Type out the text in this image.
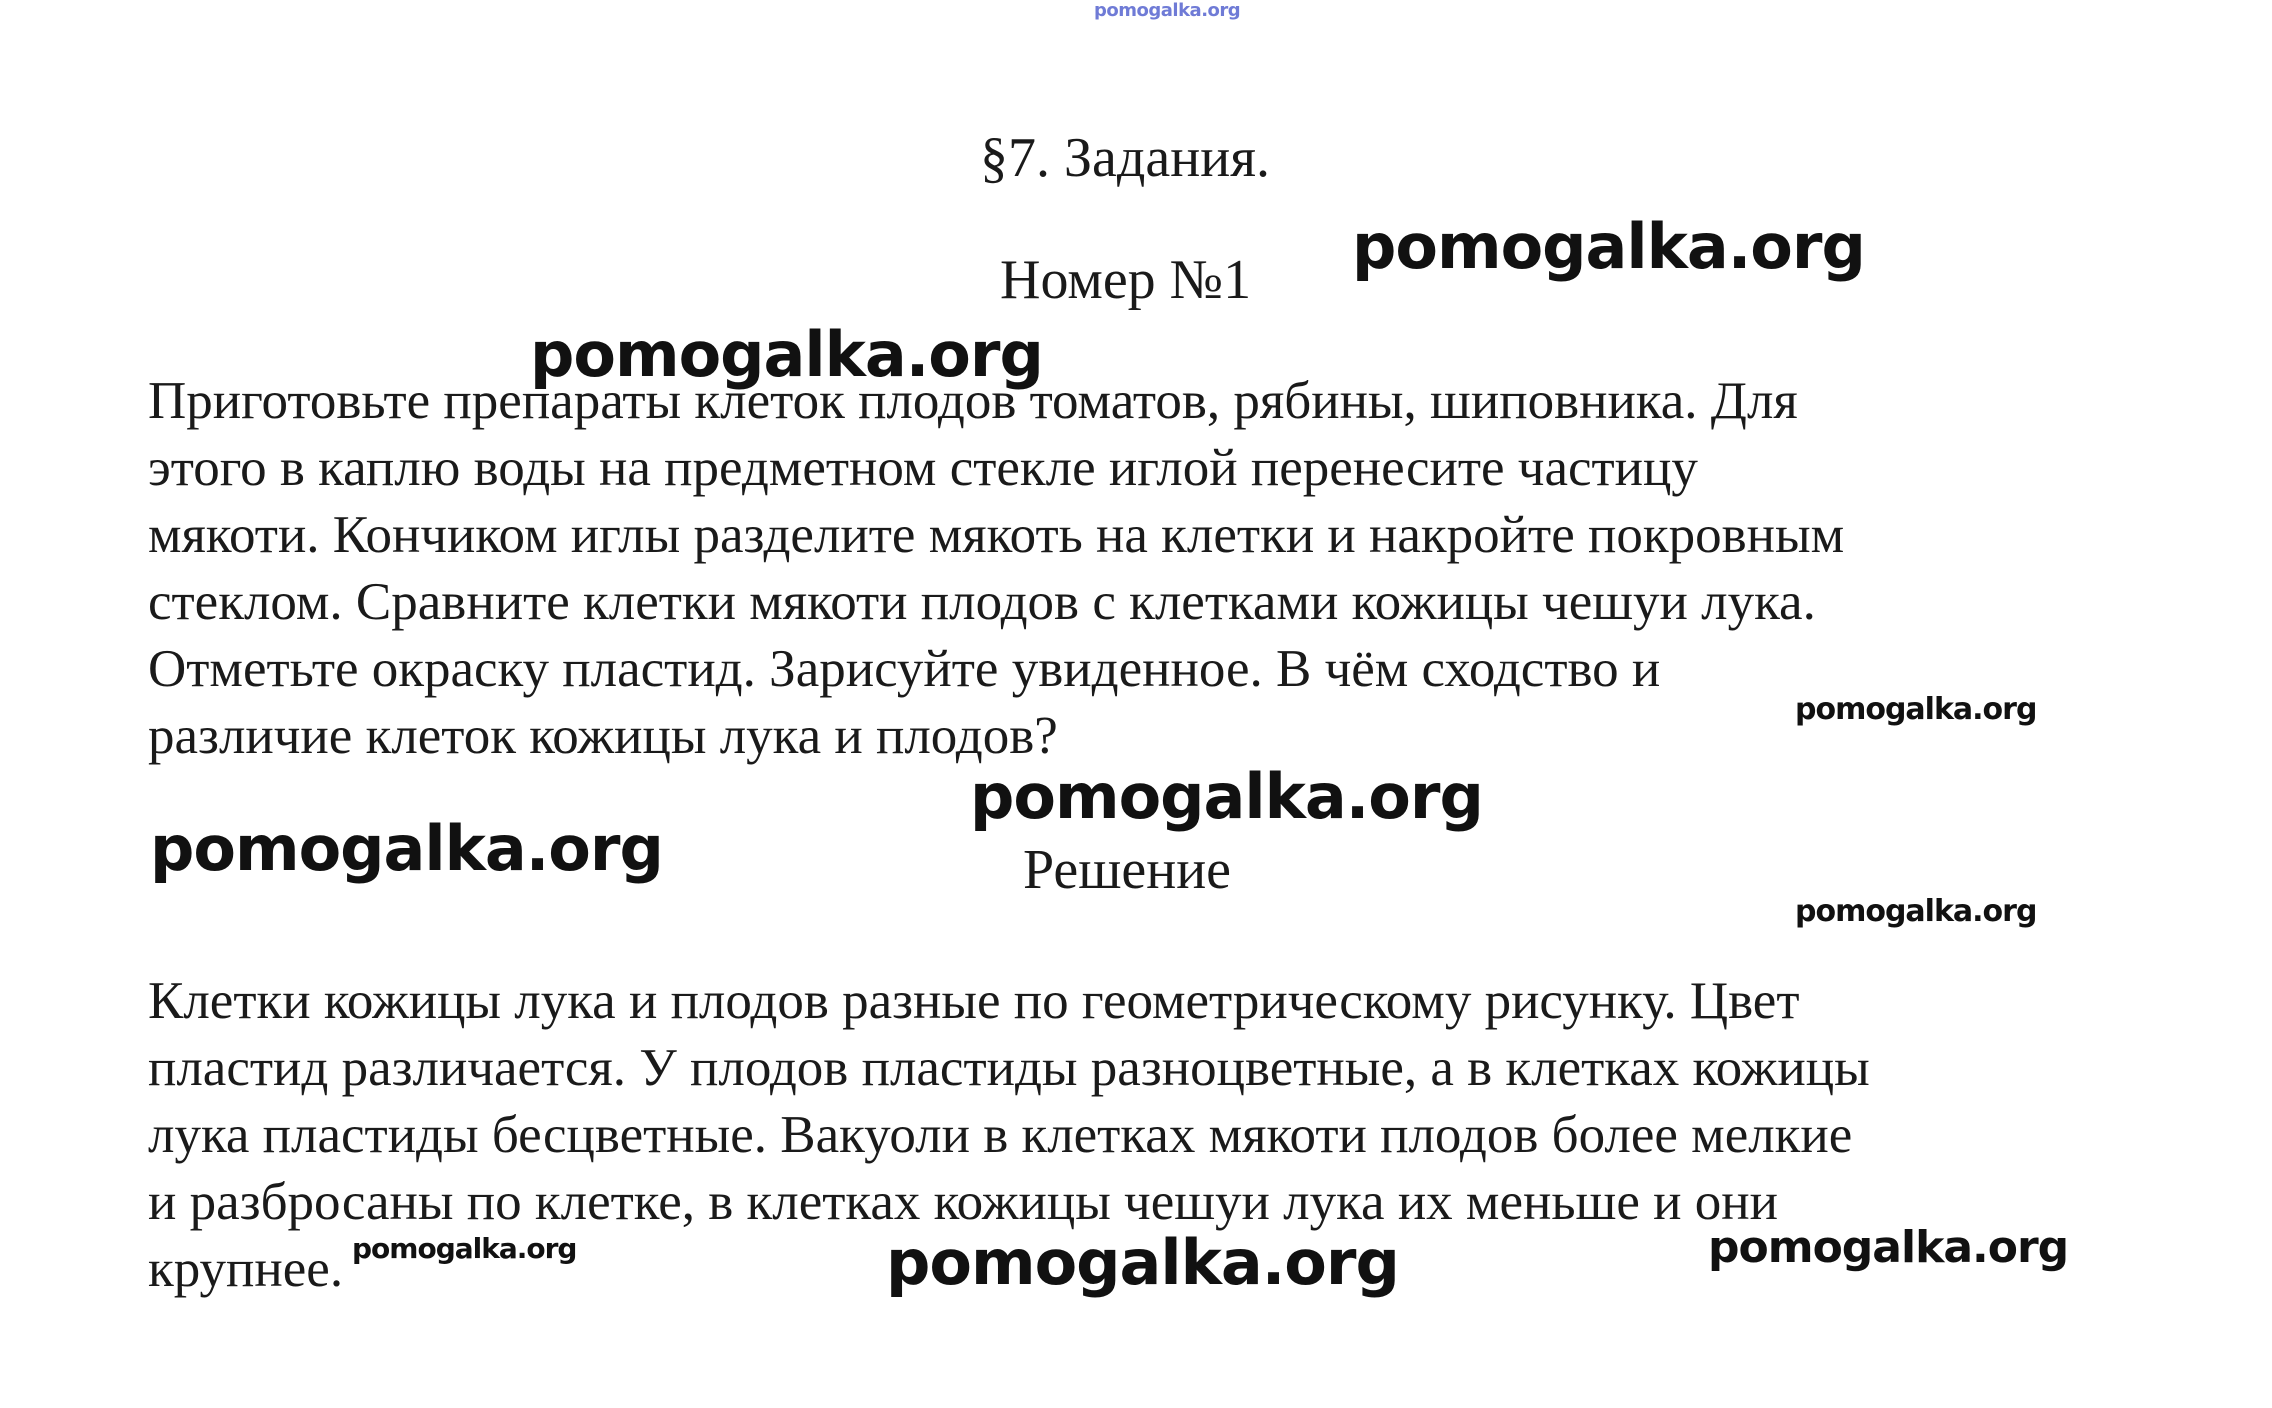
pomogalka.org
§7. Задания.
Номер №1
Приготовьте препараты клеток плодов томатов, рябины, шиповника. Для
этого в каплю воды на предметном стекле иглой перенесите частицу
мякоти. Кончиком иглы разделите мякоть на клетки и накройте покровным
стеклом. Сравните клетки мякоти плодов с клетками кожицы чешуи лука.
Отметьте окраску пластид. Зарисуйте увиденное. В чём сходство и
различие клеток кожицы лука и плодов?
Решение
Клетки кожицы лука и плодов разные по геометрическому рисунку. Цвет
пластид различается. У плодов пластиды разноцветные, а в клетках кожицы
лука пластиды бесцветные. Вакуоли в клетках мякоти плодов более мелкие
и разбросаны по клетке, в клетках кожицы чешуи лука их меньше и они
крупнее.
pomogalka.org
pomogalka.org
pomogalka.org
pomogalka.org
pomogalka.org
pomogalka.org
pomogalka.org
pomogalka.org	pomogalka.org
